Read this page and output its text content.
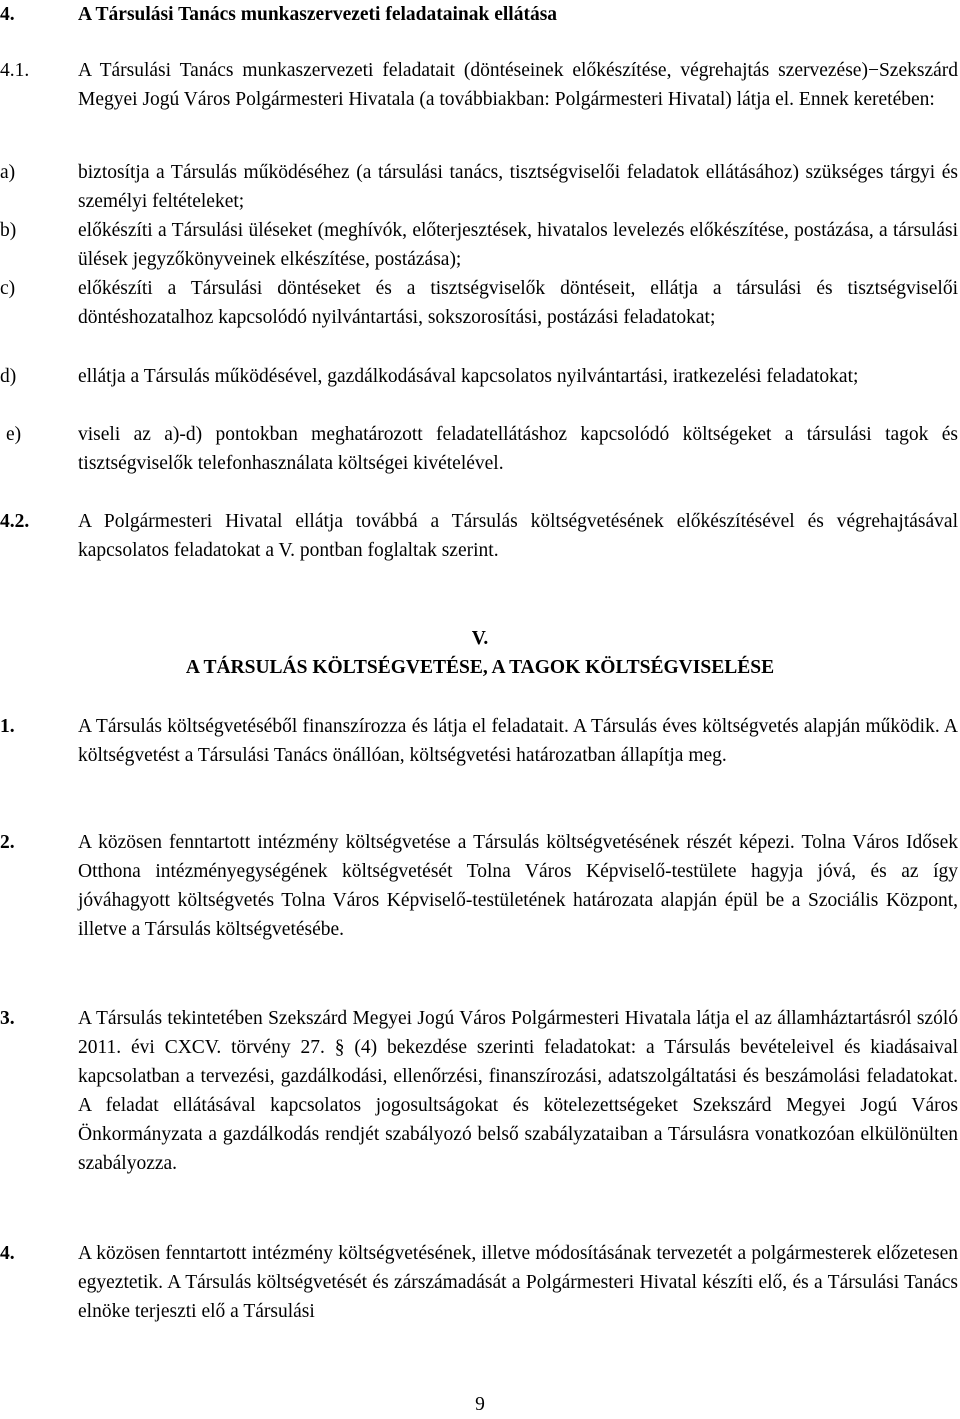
4.	A Társulási Tanács munkaszervezeti feladatainak ellátása
4.1.	A Társulási Tanács munkaszervezeti feladatait (döntéseinek előkészítése, végrehajtás szervezése)−Szekszárd Megyei Jogú Város Polgármesteri Hivatala (a továbbiakban: Polgármesteri Hivatal) látja el. Ennek keretében:
a)	biztosítja a Társulás működéséhez (a társulási tanács, tisztségviselői feladatok ellátásához) szükséges tárgyi és személyi feltételeket;
b)	előkészíti a Társulási üléseket (meghívók, előterjesztések, hivatalos levelezés előkészítése, postázása, a társulási ülések jegyzőkönyveinek elkészítése, postázása);
c)	előkészíti a Társulási döntéseket és a tisztségviselők döntéseit, ellátja a társulási és tisztségviselői döntéshozatalhoz kapcsolódó nyilvántartási, sokszorosítási, postázási feladatokat;
d)	ellátja a Társulás működésével, gazdálkodásával kapcsolatos nyilvántartási, iratkezelési feladatokat;
e)	viseli az a)-d) pontokban meghatározott feladatellátáshoz kapcsolódó költségeket a társulási tagok és tisztségviselők telefonhasználata költségei kivételével.
4.2.	A Polgármesteri Hivatal ellátja továbbá a Társulás költségvetésének előkészítésével és végrehajtásával kapcsolatos feladatokat a V. pontban foglaltak szerint.
V.
A TÁRSULÁS KÖLTSÉGVETÉSE, A TAGOK KÖLTSÉGVISELÉSE
1.	A Társulás költségvetéséből finanszírozza és látja el feladatait. A Társulás éves költségvetés alapján működik. A költségvetést a Társulási Tanács önállóan, költségvetési határozatban állapítja meg.
2.	A közösen fenntartott intézmény költségvetése a Társulás költségvetésének részét képezi. Tolna Város Idősek Otthona intézményegységének költségvetését Tolna Város Képviselő-testülete hagyja jóvá, és az így jóváhagyott költségvetés Tolna Város Képviselő-testületének határozata alapján épül be a Szociális Központ, illetve a Társulás költségvetésébe.
3.	A Társulás tekintetében Szekszárd Megyei Jogú Város Polgármesteri Hivatala látja el az államháztartásról szóló 2011. évi CXCV. törvény 27. § (4) bekezdése szerinti feladatokat: a Társulás bevételeivel és kiadásaival kapcsolatban a tervezési, gazdálkodási, ellenőrzési, finanszírozási, adatszolgáltatási és beszámolási feladatokat. A feladat ellátásával kapcsolatos jogosultságokat és kötelezettségeket Szekszárd Megyei Jogú Város Önkormányzata a gazdálkodás rendjét szabályozó belső szabályzataiban a Társulásra vonatkozóan elkülönülten szabályozza.
4.	A közösen fenntartott intézmény költségvetésének, illetve módosításának tervezetét a polgármesterek előzetesen egyeztetik. A Társulás költségvetését és zárszámadását a Polgármesteri Hivatal készíti elő, és a Társulási Tanács elnöke terjeszti elő a Társulási
9
